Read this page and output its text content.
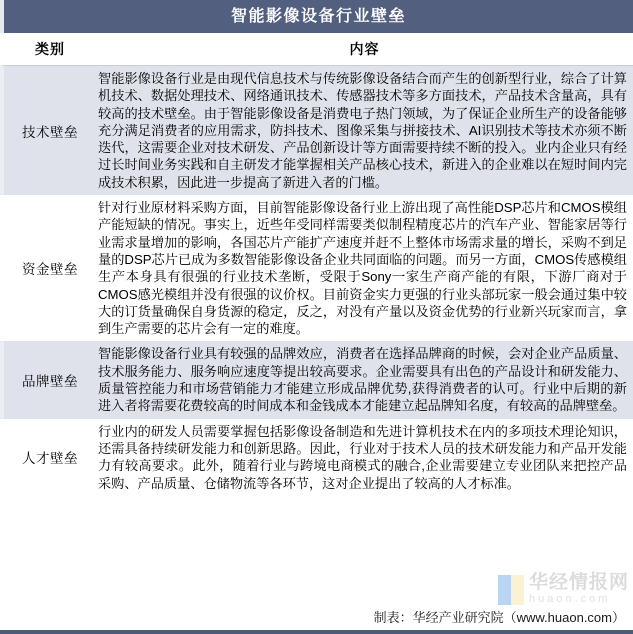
智能影像设备行业壁垒
类别	内容
技术壁垒
智能影像设备行业是由现代信息技术与传统影像设备结合而产生的创新型行业，综合了计算机技术、数据处理技术、网络通讯技术、传感器技术等多方面技术，产品技术含量高，具有较高的技术壁垒。由于智能影像设备是消费电子热门领域，为了保证企业所生产的设备能够充分满足消费者的应用需求，防抖技术、图像采集与拼接技术、AI识别技术等技术亦须不断迭代，这需要企业对技术研发、产品创新设计等方面需要持续不断的投入。业内企业只有经过长时间业务实践和自主研发才能掌握相关产品核心技术，新进入的企业难以在短时间内完成技术积累，因此进一步提高了新进入者的门槛。
资金壁垒
针对行业原材料采购方面，目前智能影像设备行业上游出现了高性能DSP芯片和CMOS模组产能短缺的情况。事实上，近些年受同样需要类似制程精度芯片的汽车产业、智能家居等行业需求量增加的影响，各国芯片产能扩产速度并赶不上整体市场需求量的增长，采购不到足量的DSP芯片已成为多数智能影像设备企业共同面临的问题。而另一方面，CMOS传感模组生产本身具有很强的行业技术垄断，受限于Sony一家生产商产能的有限，下游厂商对于CMOS感光模组并没有很强的议价权。目前资金实力更强的行业头部玩家一般会通过集中较大的订货量确保自身货源的稳定，反之，对没有产量以及资金优势的行业新兴玩家而言，拿到生产需要的芯片会有一定的难度。
品牌壁垒
智能影像设备行业具有较强的品牌效应，消费者在选择品牌商的时候，会对企业产品质量、技术服务能力、服务响应速度等提出较高要求。企业需要具有出色的产品设计和研发能力、质量管控能力和市场营销能力才能建立形成品牌优势,获得消费者的认可。行业中后期的新进入者将需要花费较高的时间成本和金钱成本才能建立起品牌知名度，有较高的品牌壁垒。
人才壁垒
行业内的研发人员需要掌握包括影像设备制造和先进计算机技术在内的多项技术理论知识，还需具备持续研发能力和创新思路。因此，行业对于技术人员的技术研发能力和产品开发能力有较高要求。此外，随着行业与跨境电商模式的融合,企业需要建立专业团队来把控产品采购、产品质量、仓储物流等各环节，这对企业提出了较高的人才标准。
华经情报网
huaon.com
制表：华经产业研究院（www.huaon.com）
